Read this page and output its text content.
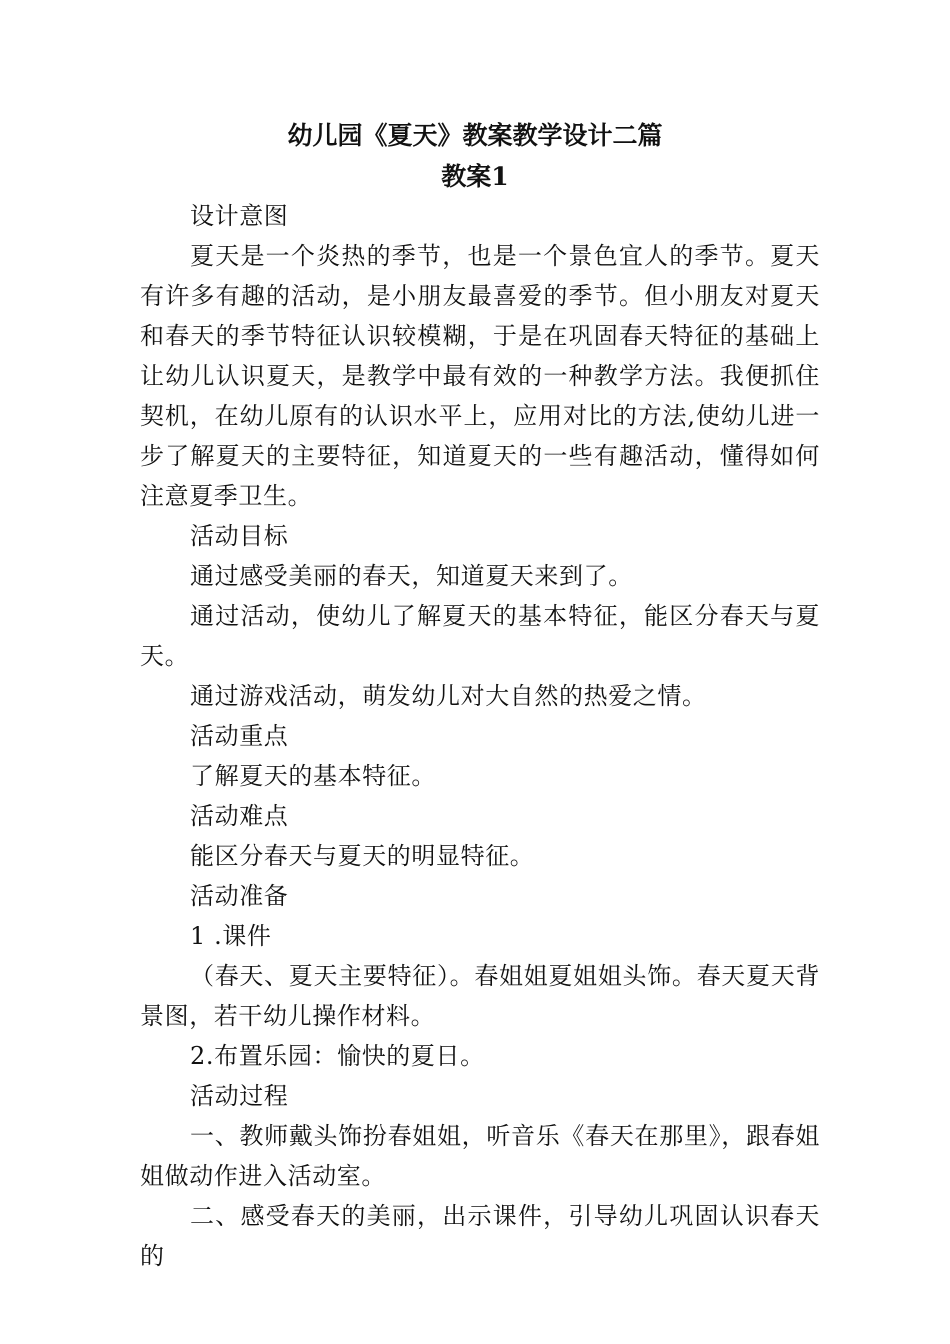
幼儿园《夏天》教案教学设计二篇
教案1

设计意图

夏天是一个炎热的季节，也是一个景色宜人的季节。夏天有许多有趣的活动，是小朋友最喜爱的季节。但小朋友对夏天和春天的季节特征认识较模糊，于是在巩固春天特征的基础上让幼儿认识夏天，是教学中最有效的一种教学方法。我便抓住契机，在幼儿原有的认识水平上，应用对比的方法,使幼儿进一步了解夏天的主要特征，知道夏天的一些有趣活动，懂得如何注意夏季卫生。

活动目标

通过感受美丽的春天，知道夏天来到了。

通过活动，使幼儿了解夏天的基本特征，能区分春天与夏天。

通过游戏活动，萌发幼儿对大自然的热爱之情。

活动重点

了解夏天的基本特征。

活动难点

能区分春天与夏天的明显特征。

活动准备

1 .课件

（春天、夏天主要特征）。春姐姐夏姐姐头饰。春天夏天背景图，若干幼儿操作材料。

2.布置乐园：愉快的夏日。

活动过程

一、教师戴头饰扮春姐姐，听音乐《春天在那里》，跟春姐姐做动作进入活动室。

二、感受春天的美丽，出示课件，引导幼儿巩固认识春天的
